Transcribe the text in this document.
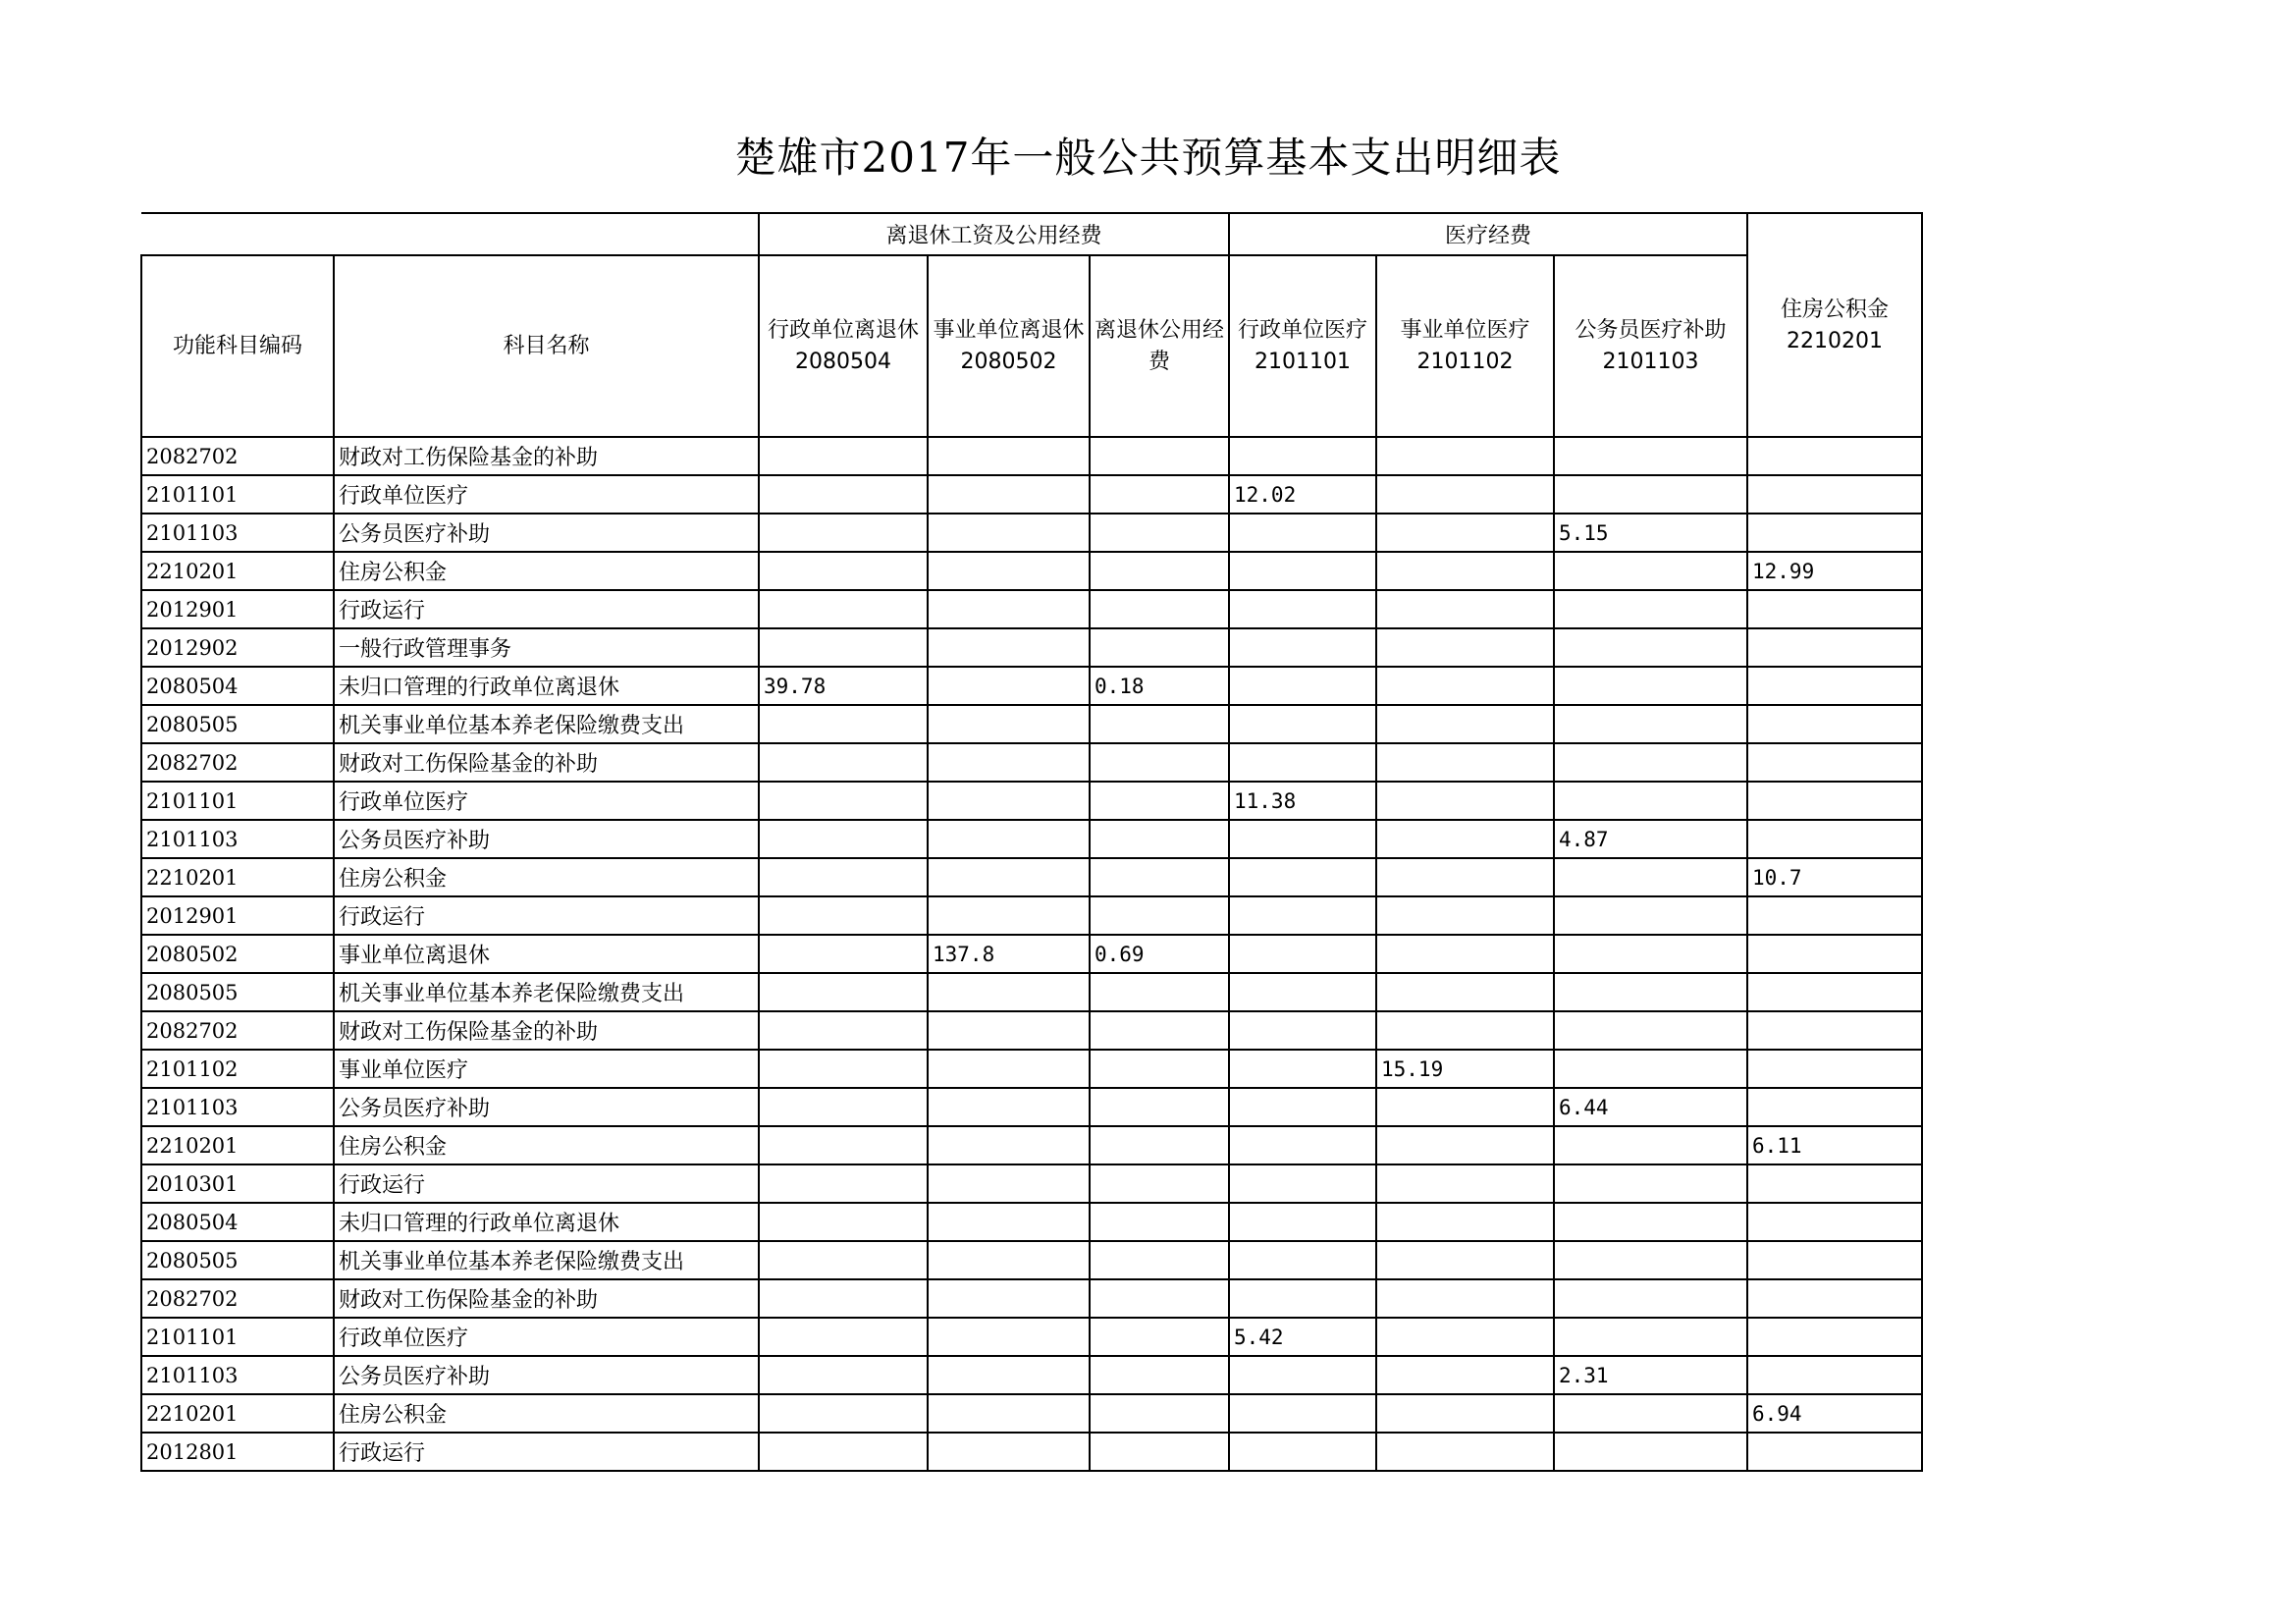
楚雄市2017年一般公共预算基本支出明细表
		离退休工资及公用经费			医疗经费			住房公积金2210201
功能科目编码	科目名称	行政单位离退休2080504	事业单位离退休2080502	离退休公用经费	行政单位医疗2101101	事业单位医疗2101102	公务员医疗补助2101103	
2082702	财政对工伤保险基金的补助							
2101101	行政单位医疗				12.02			
2101103	公务员医疗补助						5.15	
2210201	住房公积金							12.99
2012901	行政运行							
2012902	一般行政管理事务							
2080504	未归口管理的行政单位离退休	39.78		0.18				
2080505	机关事业单位基本养老保险缴费支出							
2082702	财政对工伤保险基金的补助							
2101101	行政单位医疗				11.38			
2101103	公务员医疗补助						4.87	
2210201	住房公积金							10.7
2012901	行政运行							
2080502	事业单位离退休		137.8	0.69				
2080505	机关事业单位基本养老保险缴费支出							
2082702	财政对工伤保险基金的补助							
2101102	事业单位医疗					15.19		
2101103	公务员医疗补助						6.44	
2210201	住房公积金							6.11
2010301	行政运行							
2080504	未归口管理的行政单位离退休							
2080505	机关事业单位基本养老保险缴费支出							
2082702	财政对工伤保险基金的补助							
2101101	行政单位医疗				5.42			
2101103	公务员医疗补助						2.31	
2210201	住房公积金							6.94
2012801	行政运行							
